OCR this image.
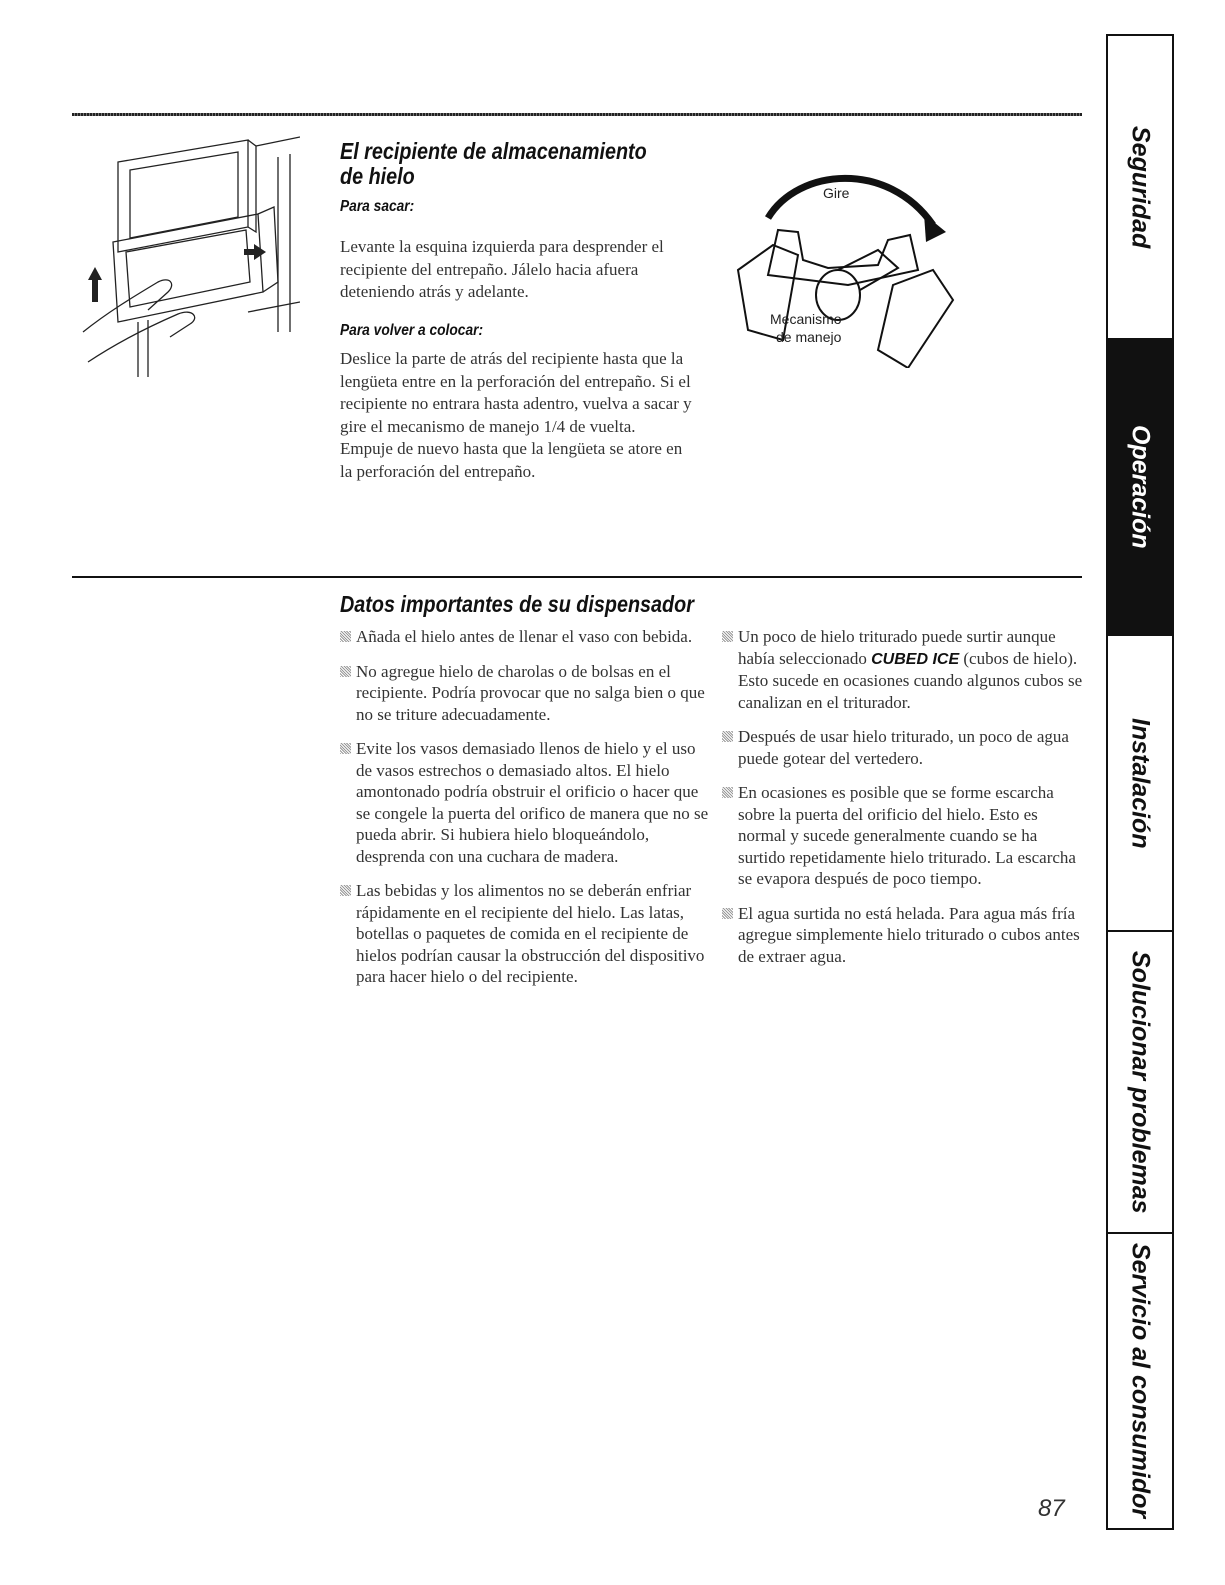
El recipiente de almacenamiento
de hielo
Para sacar:

Levante la esquina izquierda para desprender el recipiente del entrepaño. Jálelo hacia afuera deteniendo atrás y adelante.

Para volver a colocar:

Deslice la parte de atrás del recipiente hasta que la lengüeta entre en la perforación del entrepaño. Si el recipiente no entrara hasta adentro, vuelva a sacar y gire el mecanismo de manejo 1/4 de vuelta. Empuje de nuevo hasta que la lengüeta se atore en la perforación del entrepaño.

Gire
Mecanismo
de manejo
Datos importantes de su dispensador
Añada el hielo antes de llenar el vaso con bebida.
No agregue hielo de charolas o de bolsas en el recipiente. Podría provocar que no salga bien o que no se triture adecuadamente.
Evite los vasos demasiado llenos de hielo y el uso de vasos estrechos o demasiado altos. El hielo amontonado podría obstruir el orificio o hacer que se congele la puerta del orifico de manera que no se pueda abrir. Si hubiera hielo bloqueándolo, desprenda con una cuchara de madera.
Las bebidas y los alimentos no se deberán enfriar rápidamente en el recipiente del hielo. Las latas, botellas o paquetes de comida en el recipiente de hielos podrían causar la obstrucción del dispositivo para hacer hielo o del recipiente.
Un poco de hielo triturado puede surtir aunque había seleccionado CUBED ICE (cubos de hielo). Esto sucede en ocasiones cuando algunos cubos se canalizan en el triturador.
Después de usar hielo triturado, un poco de agua puede gotear del vertedero.
En ocasiones es posible que se forme escarcha sobre la puerta del orificio del hielo. Esto es normal y sucede generalmente cuando se ha surtido repetidamente hielo triturado. La escarcha se evapora después de poco tiempo.
El agua surtida no está helada. Para agua más fría agregue simplemente hielo triturado o cubos antes de extraer agua.
87
Seguridad
Operación
Instalación
Solucionar problemas
Servicio al consumidor
